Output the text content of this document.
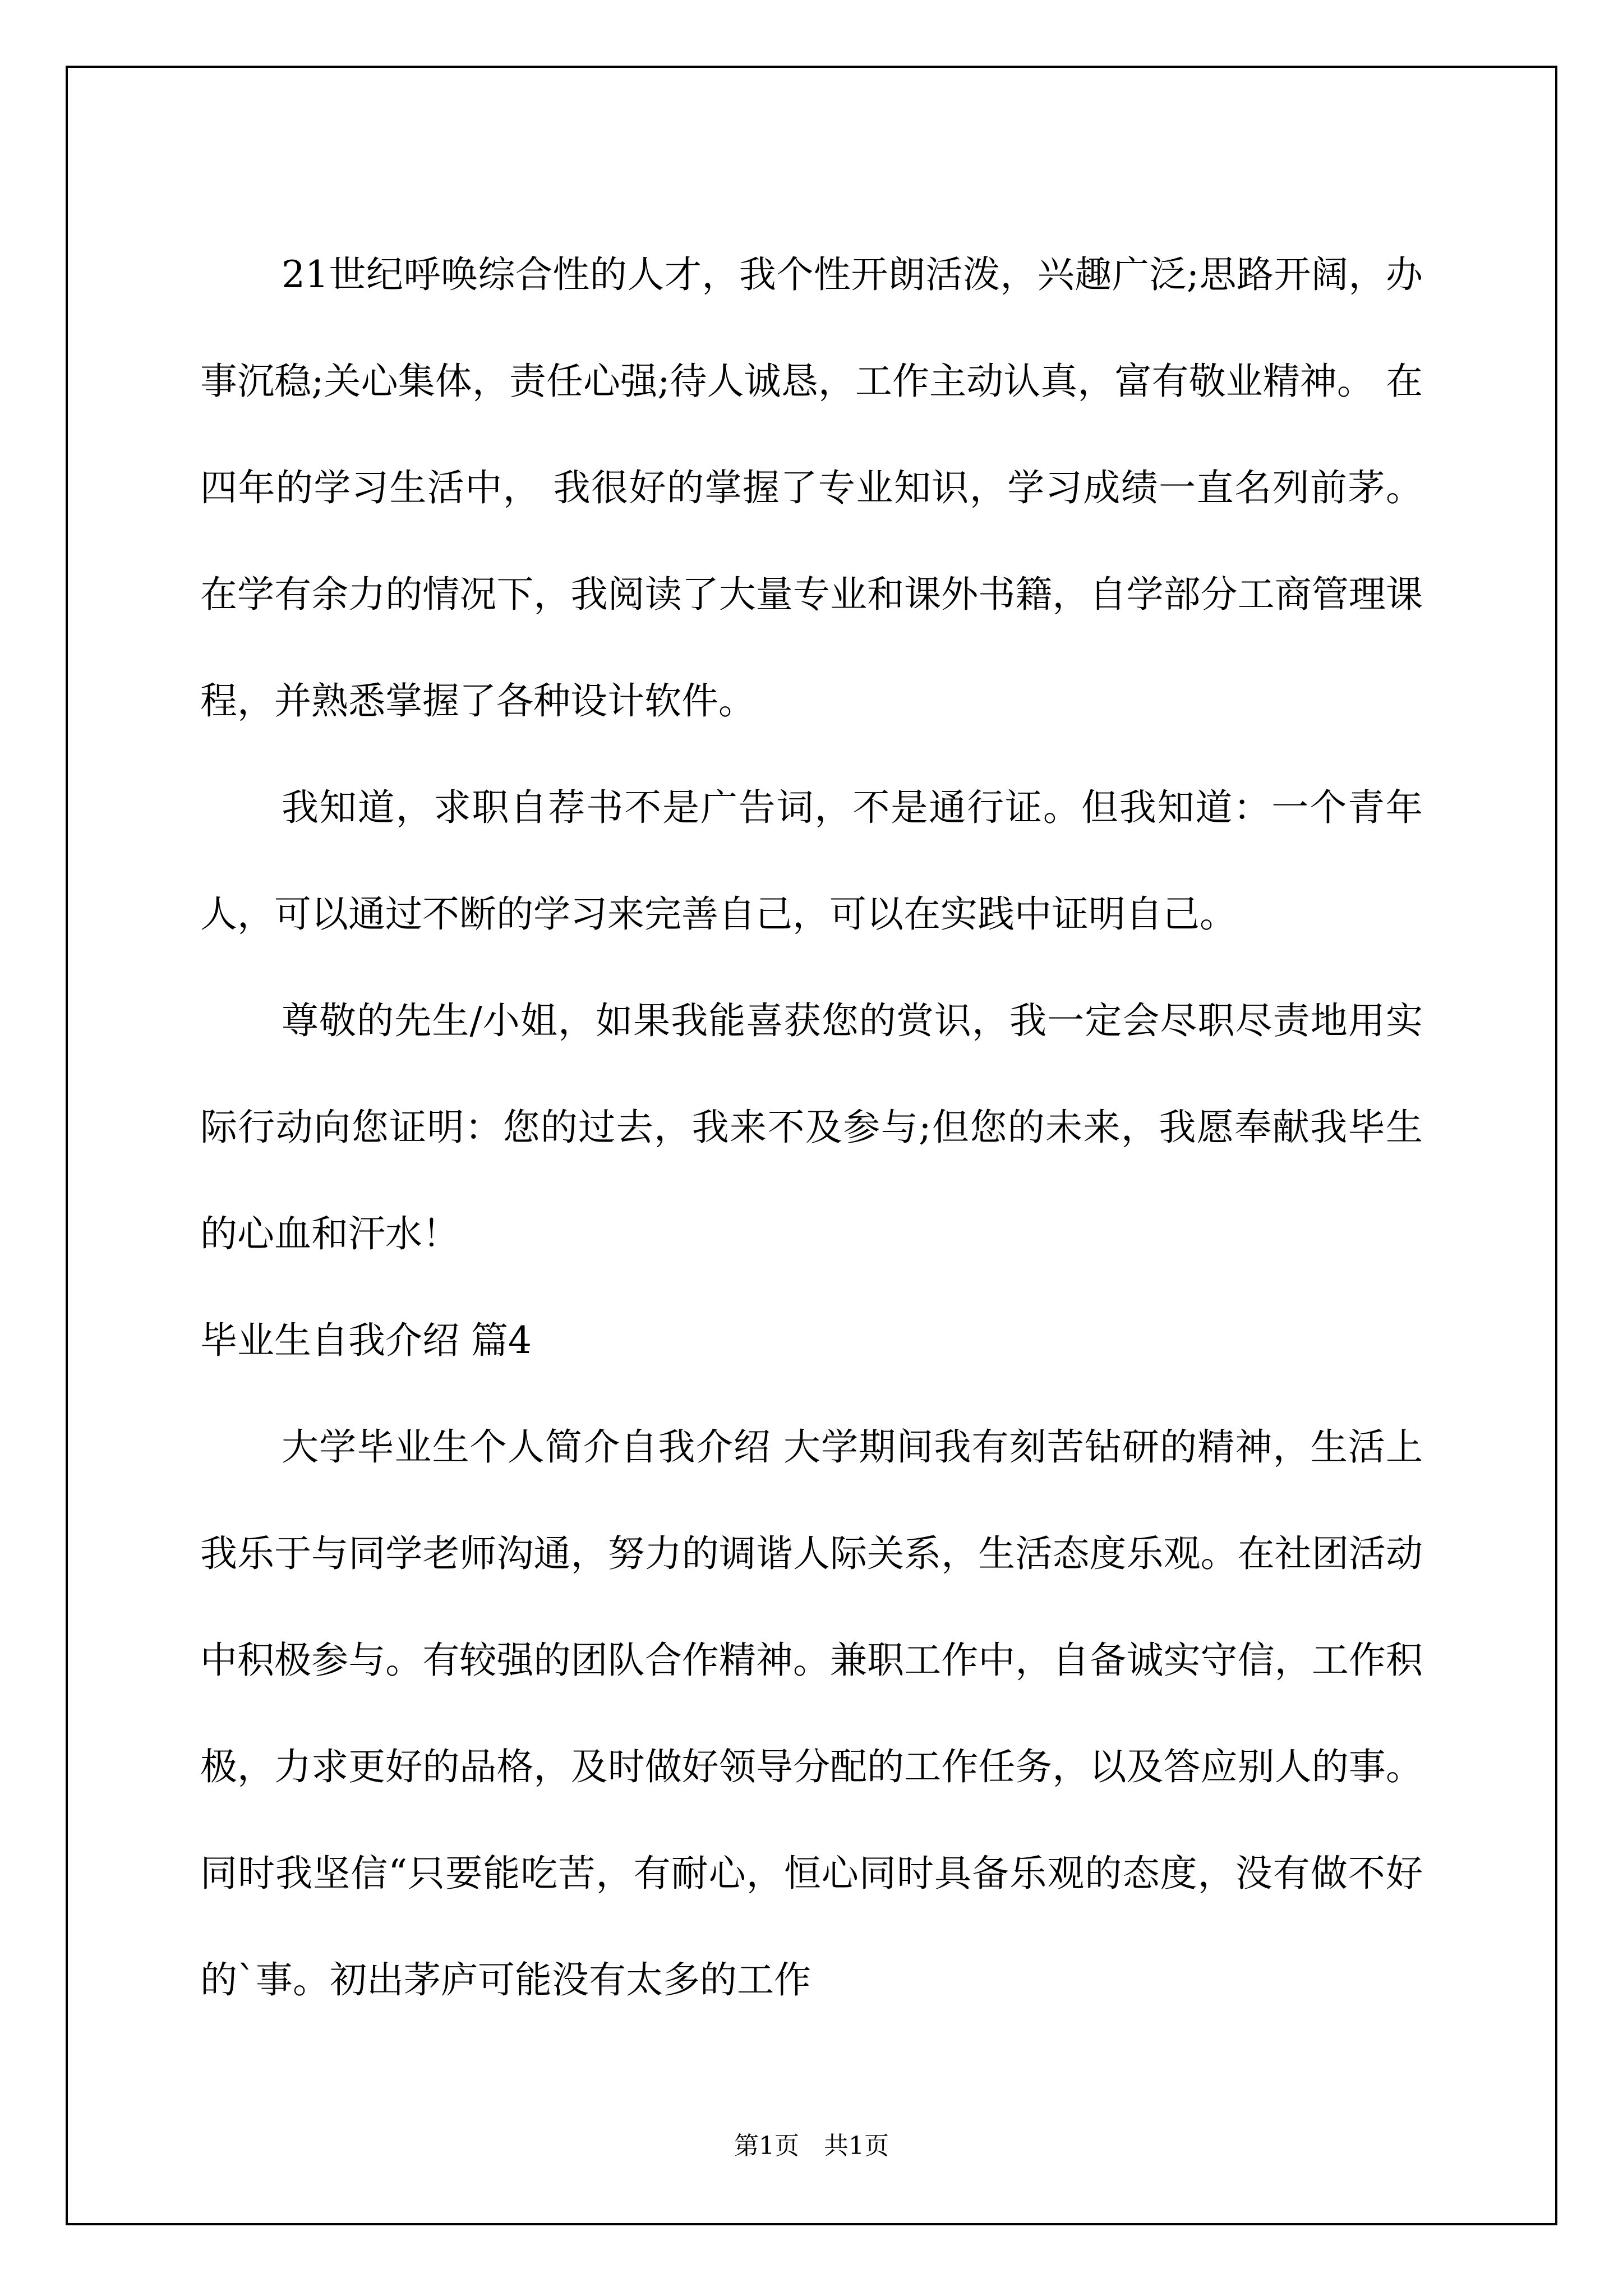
21世纪呼唤综合性的人才，我个性开朗活泼，兴趣广泛;思路开阔，办事沉稳;关心集体，责任心强;待人诚恳，工作主动认真，富有敬业精神。 在四年的学习生活中， 我很好的掌握了专业知识，学习成绩一直名列前茅。在学有余力的情况下，我阅读了大量专业和课外书籍，自学部分工商管理课程，并熟悉掌握了各种设计软件。

我知道，求职自荐书不是广告词，不是通行证。但我知道：一个青年人，可以通过不断的学习来完善自己，可以在实践中证明自己。

尊敬的先生/小姐，如果我能喜获您的赏识，我一定会尽职尽责地用实际行动向您证明：您的过去，我来不及参与;但您的未来，我愿奉献我毕生的心血和汗水！

毕业生自我介绍 篇4

大学毕业生个人简介自我介绍 大学期间我有刻苦钻研的精神，生活上我乐于与同学老师沟通，努力的调谐人际关系，生活态度乐观。在社团活动中积极参与。有较强的团队合作精神。兼职工作中，自备诚实守信，工作积极，力求更好的品格，及时做好领导分配的工作任务，以及答应别人的事。同时我坚信“只要能吃苦，有耐心，恒心同时具备乐观的态度，没有做不好的`事。初出茅庐可能没有太多的工作

第1页　共1页
